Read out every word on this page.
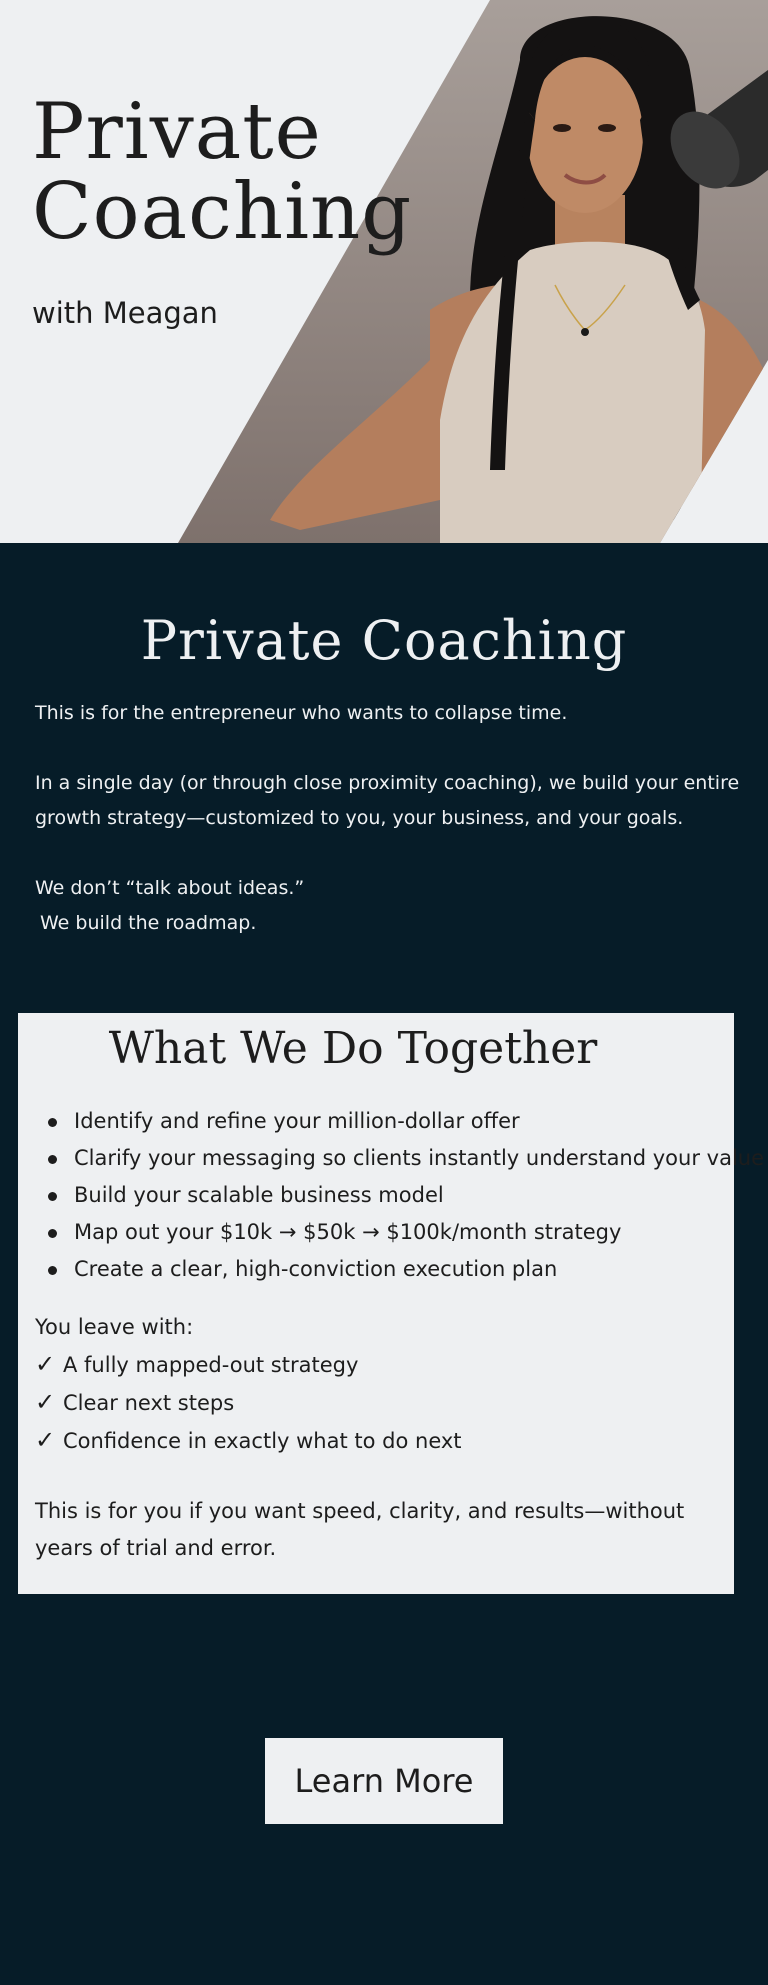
Private
Coaching
with Meagan
Private Coaching

This is for the entrepreneur who wants to collapse time.

In a single day (or through close proximity coaching), we build your entire growth strategy—customized to you, your business, and your goals.

We don’t “talk about ideas.”
We build the roadmap.

What We Do Together
Identify and refine your million-dollar offer
Clarify your messaging so clients instantly understand your value
Build your scalable business model
Map out your $10k → $50k → $100k/month strategy
Create a clear, high-conviction execution plan
You leave with:
✓ A fully mapped-out strategy
✓ Clear next steps
✓ Confidence in exactly what to do next
This is for you if you want speed, clarity, and results—without years of trial and error.
Learn More
